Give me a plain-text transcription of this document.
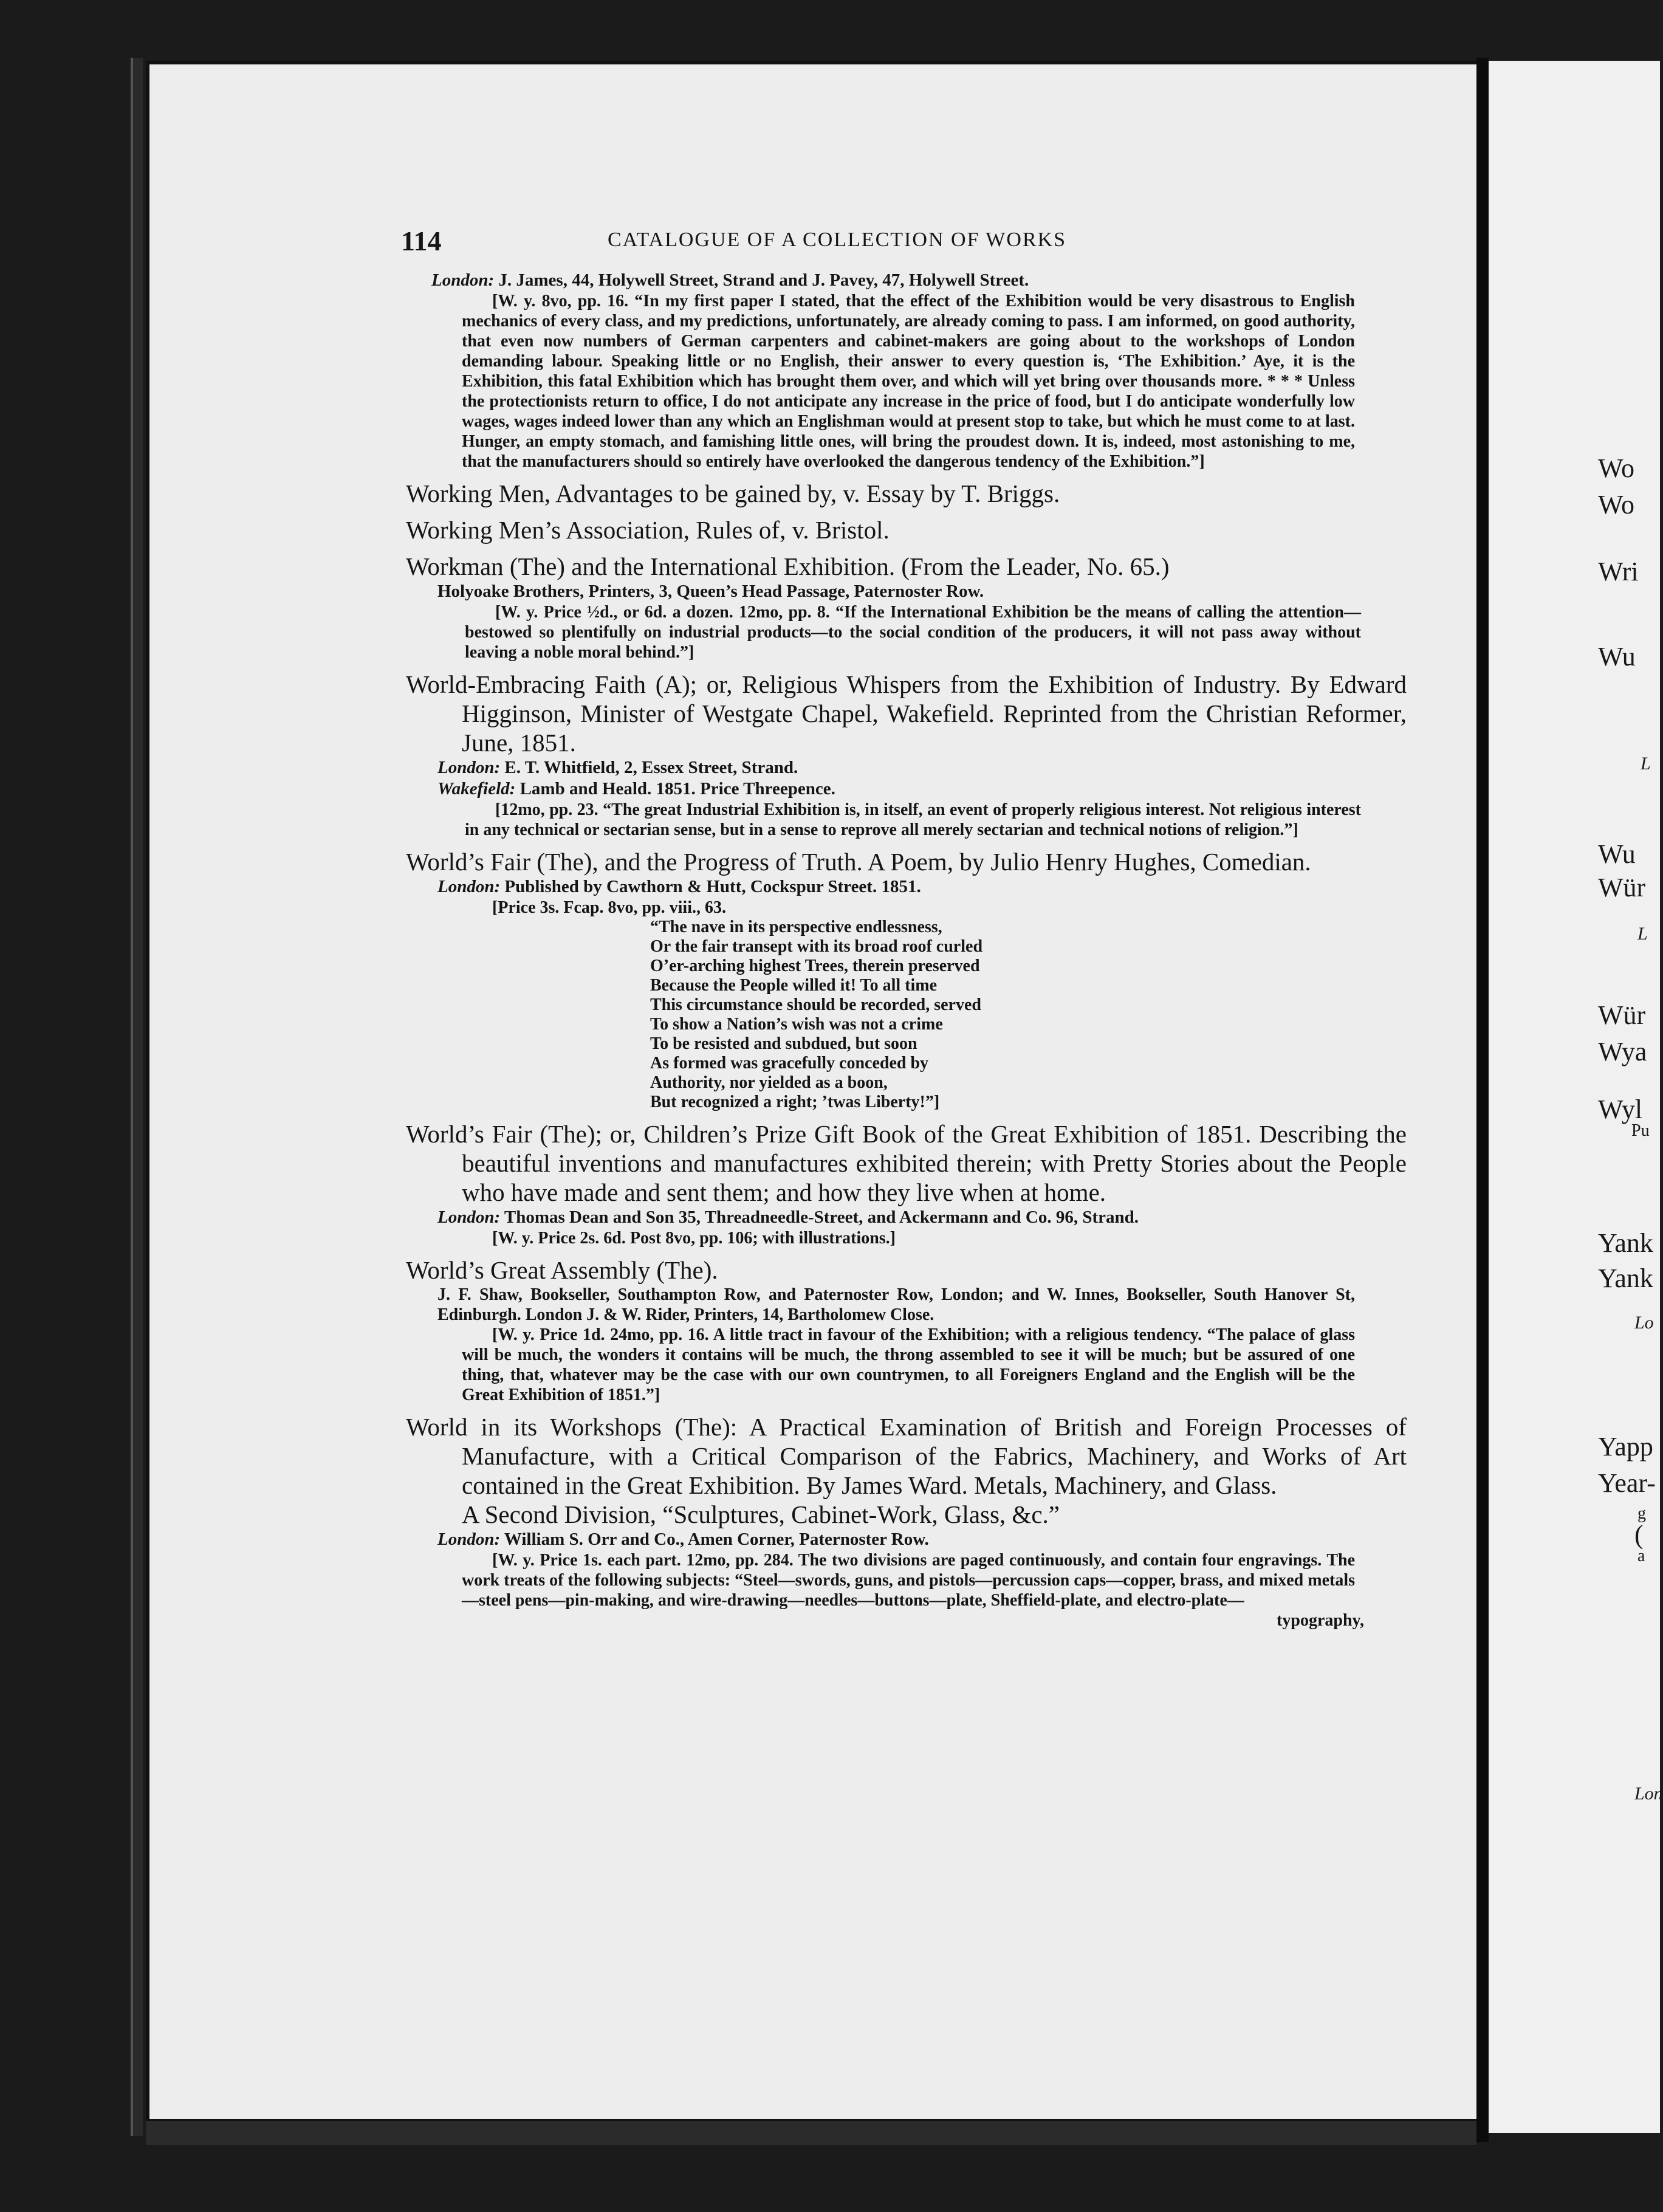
Wo
Wo
Wri
Wu
L
Wu
Wür
L
Wür
Wya
Wyl
Pu
Yank
Yank
Lo
Yapp
Year-
g
(
a
Lon
114	CATALOGUE OF A COLLECTION OF WORKS
London: J. James, 44, Holywell Street, Strand and J. Pavey, 47, Holywell Street.
[W. y. 8vo, pp. 16. “In my first paper I stated, that the effect of the Exhibition would be very disastrous to English mechanics of every class, and my predictions, unfortunately, are already coming to pass. I am informed, on good authority, that even now numbers of German carpenters and cabinet-makers are going about to the workshops of London demanding labour. Speaking little or no English, their answer to every question is, ‘The Exhibition.’ Aye, it is the Exhibition, this fatal Exhibition which has brought them over, and which will yet bring over thousands more. * * * Unless the protectionists return to office, I do not anticipate any increase in the price of food, but I do anticipate wonderfully low wages, wages indeed lower than any which an Englishman would at present stop to take, but which he must come to at last. Hunger, an empty stomach, and famishing little ones, will bring the proudest down. It is, indeed, most astonishing to me, that the manufacturers should so entirely have overlooked the dangerous tendency of the Exhibition.”]
Working Men, Advantages to be gained by, v. Essay by T. Briggs.
Working Men’s Association, Rules of, v. Bristol.
Workman (The) and the International Exhibition. (From the Leader, No. 65.)
Holyoake Brothers, Printers, 3, Queen’s Head Passage, Paternoster Row.
[W. y. Price ½d., or 6d. a dozen. 12mo, pp. 8. “If the International Exhibition be the means of calling the attention—bestowed so plentifully on industrial products—to the social condition of the producers, it will not pass away without leaving a noble moral behind.”]
World-Embracing Faith (A); or, Religious Whispers from the Exhibition of Industry. By Edward Higginson, Minister of Westgate Chapel, Wakefield. Reprinted from the Christian Reformer, June, 1851.
London: E. T. Whitfield, 2, Essex Street, Strand.
Wakefield: Lamb and Heald. 1851. Price Threepence.
[12mo, pp. 23. “The great Industrial Exhibition is, in itself, an event of properly religious interest. Not religious interest in any technical or sectarian sense, but in a sense to reprove all merely sectarian and technical notions of religion.”]
World’s Fair (The), and the Progress of Truth. A Poem, by Julio Henry Hughes, Comedian.
London: Published by Cawthorn & Hutt, Cockspur Street. 1851.
[Price 3s. Fcap. 8vo, pp. viii., 63.
“The nave in its perspective endlessness,
Or the fair transept with its broad roof curled
O’er-arching highest Trees, therein preserved
Because the People willed it! To all time
This circumstance should be recorded, served
To show a Nation’s wish was not a crime
To be resisted and subdued, but soon
As formed was gracefully conceded by
Authority, nor yielded as a boon,
But recognized a right; ’twas Liberty!”]
World’s Fair (The); or, Children’s Prize Gift Book of the Great Exhibition of 1851. Describing the beautiful inventions and manufactures exhibited therein; with Pretty Stories about the People who have made and sent them; and how they live when at home.
London: Thomas Dean and Son 35, Threadneedle-Street, and Ackermann and Co. 96, Strand.
[W. y. Price 2s. 6d. Post 8vo, pp. 106; with illustrations.]
World’s Great Assembly (The).
J. F. Shaw, Bookseller, Southampton Row, and Paternoster Row, London; and W. Innes, Bookseller, South Hanover St, Edinburgh. London J. & W. Rider, Printers, 14, Bartholomew Close.
[W. y. Price 1d. 24mo, pp. 16. A little tract in favour of the Exhibition; with a religious tendency. “The palace of glass will be much, the wonders it contains will be much, the throng assembled to see it will be much; but be assured of one thing, that, whatever may be the case with our own countrymen, to all Foreigners England and the English will be the Great Exhibition of 1851.”]
World in its Workshops (The): A Practical Examination of British and Foreign Processes of Manufacture, with a Critical Comparison of the Fabrics, Machinery, and Works of Art contained in the Great Exhibition. By James Ward. Metals, Machinery, and Glass.
A Second Division, “Sculptures, Cabinet-Work, Glass, &c.”
London: William S. Orr and Co., Amen Corner, Paternoster Row.
[W. y. Price 1s. each part. 12mo, pp. 284. The two divisions are paged continuously, and contain four engravings. The work treats of the following subjects: “Steel—swords, guns, and pistols—percussion caps—copper, brass, and mixed metals—steel pens—pin-making, and wire-drawing—needles—buttons—plate, Sheffield-plate, and electro-plate—
typography,
